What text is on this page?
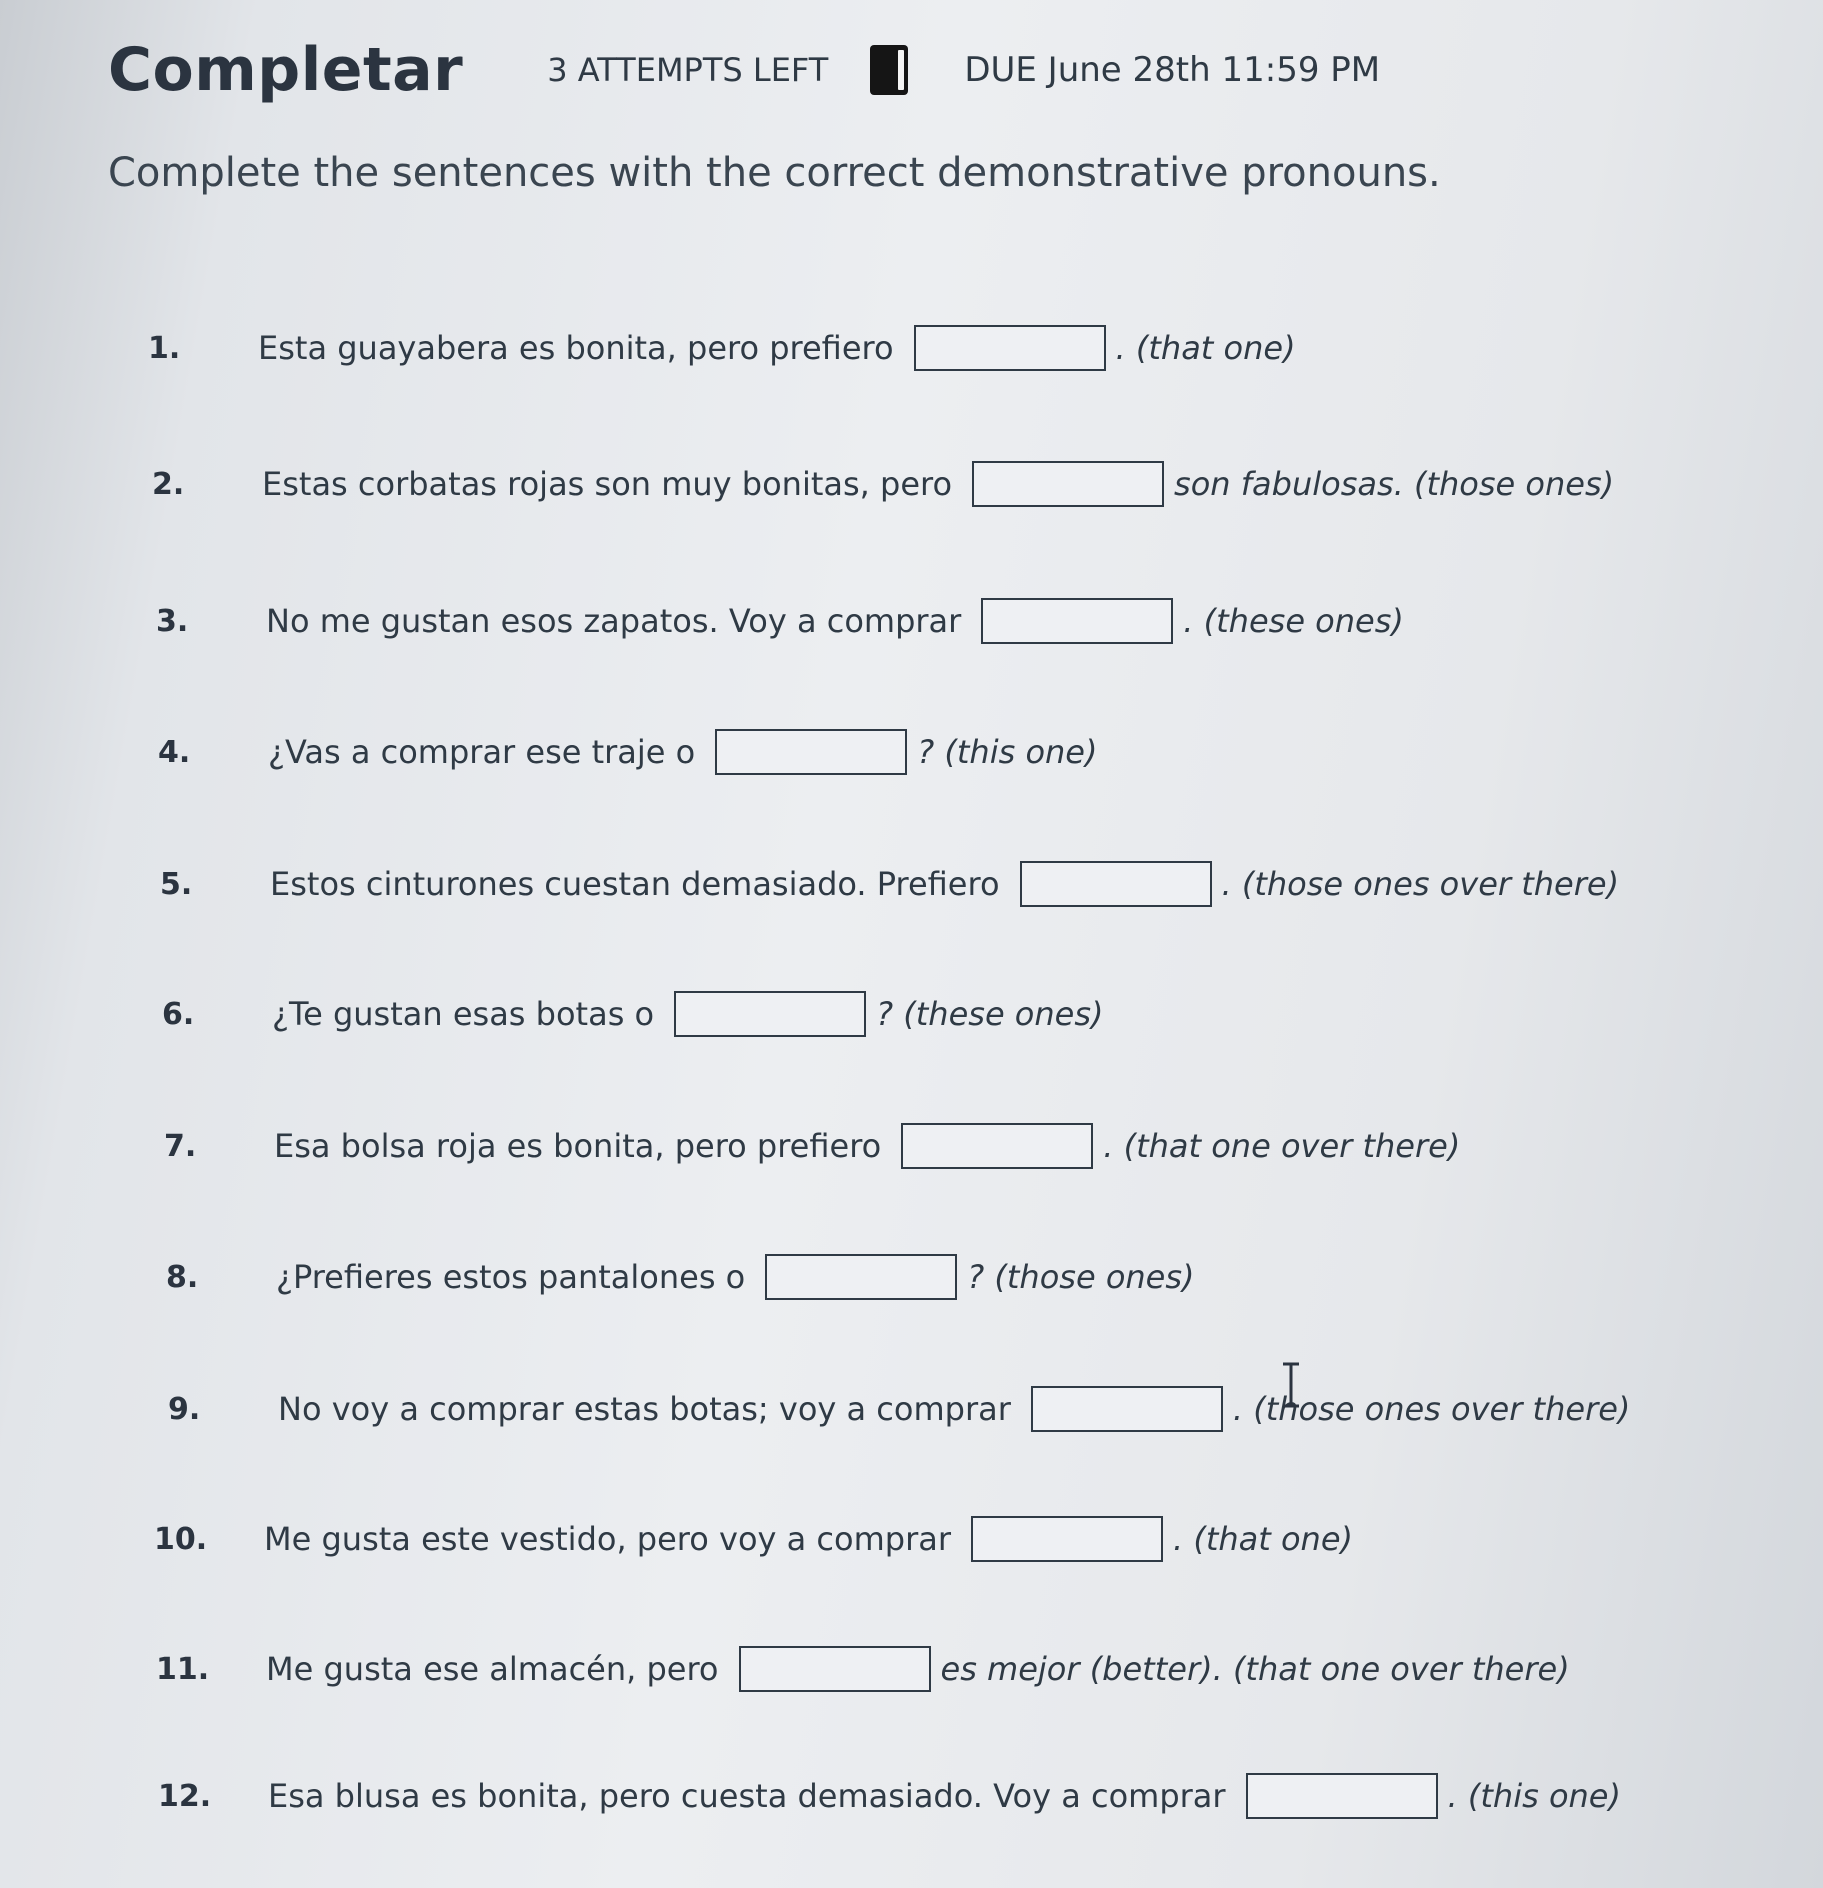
Completar	3 ATTEMPTS LEFT	DUE June 28th 11:59 PM
Complete the sentences with the correct demonstrative pronouns.
1.	Esta guayabera es bonita, pero prefiero	. (that one)
2.	Estas corbatas rojas son muy bonitas, pero	son fabulosas. (those ones)
3.	No me gustan esos zapatos. Voy a comprar	. (these ones)
4.	¿Vas a comprar ese traje o	? (this one)
5.	Estos cinturones cuestan demasiado. Prefiero	. (those ones over there)
6.	¿Te gustan esas botas o	? (these ones)
7.	Esa bolsa roja es bonita, pero prefiero	. (that one over there)
8.	¿Prefieres estos pantalones o	? (those ones)
9.	No voy a comprar estas botas; voy a comprar	. (those ones over there)
10.	Me gusta este vestido, pero voy a comprar	. (that one)
11.	Me gusta ese almacén, pero	es mejor (better). (that one over there)
12.	Esa blusa es bonita, pero cuesta demasiado. Voy a comprar	. (this one)
